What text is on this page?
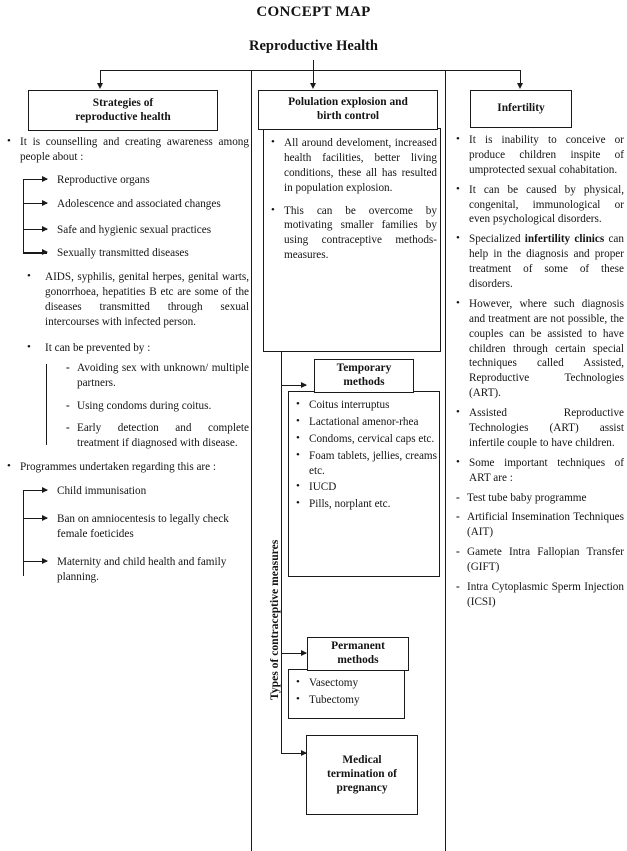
CONCEPT MAP
Reproductive Health
Strategies of
reproductive health
• It is counselling and creating awareness among people about :
Reproductive organs
Adolescence and associated changes
Safe and hygienic sexual practices
Sexually transmitted diseases
• AIDS, syphilis, genital herpes, genital warts, gonorrhoea, hepatities B etc are some of the diseases transmitted through sexual intercourses with infected person.
• It can be prevented by :
- Avoiding sex with unknown/ multiple partners.
- Using condoms during coitus.
- Early detection and complete treatment if diagnosed with disease.
• Programmes undertaken regarding this are :
Child immunisation
Ban on amniocentesis to legally check female foeticides
Maternity and child health and family planning.
Polulation explosion and
birth control
• All around develoment, increased health facilities, better living conditions, these all has resulted in population explosion.
• This can be overcome by motivating smaller families by using contraceptive methods-measures.
Types of contraceptive measures
Temporary
methods
• Coitus interruptus
• Lactational amenor-rhea
• Condoms, cervical caps etc.
• Foam tablets, jellies, creams etc.
• IUCD
• Pills, norplant etc.
Permanent
methods
• Vasectomy
• Tubectomy
Medical
termination of
pregnancy
Infertility
• It is inability to conceive or produce children inspite of umprotected sexual cohabitation.
• It can be caused by physical, congenital, immunological or even psychological disorders.
• Specialized infertility clinics can help in the diagnosis and proper treatment of some of these disorders.
• However, where such diagnosis and treatment are not possible, the couples can be assisted to have children through certain special techniques called Assisted, Reproductive Technologies (ART).
• Assisted Reproductive Technologies (ART) assist infertile couple to have children.
• Some important techniques of ART are :
- Test tube baby programme
- Artificial Insemination Techniques (AIT)
- Gamete Intra Fallopian Transfer (GIFT)
- Intra Cytoplasmic Sperm Injection (ICSI)
